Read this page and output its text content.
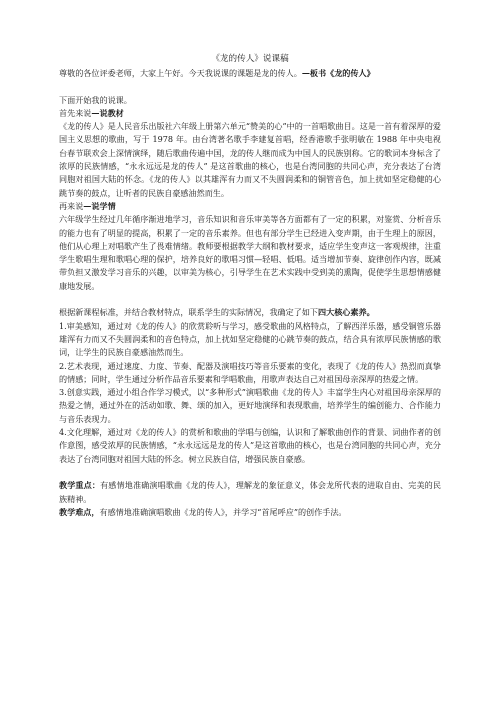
《龙的传人》说课稿

尊敬的各位评委老师，大家上午好。今天我说课的课题是龙的传人。—板书《龙的传人》

下面开始我的说课。

首先来说—说教材

《龙的传人》是人民音乐出版社六年级上册第六单元“赞美的心”中的一首唱歌曲目。这是一首有着深厚的爱国主义思想的歌曲，写于 1978 年。由台湾著名歌手李建复首唱，经香港歌手张明敏在 1988 年中央电视台春节联欢会上深情演绎，随后歌曲传遍中国，龙的传人继而成为中国人的民族别称。它的歌词本身标含了浓厚的民族情感，“永永远远是龙的传人” 是这首歌曲的核心，也是台湾同胞的共同心声，充分表达了台湾同胞对祖国大陆的怀念。《龙的传人》以其雄浑有力而又不失圆润柔和的铜管音色，加上扰如坚定稳健的心跳节奏的鼓点，让听者的民族自豪感油然而生。

再来说—说学情

六年级学生经过几年循序渐进地学习，音乐知识和音乐审美等各方面都有了一定的积累，对鉴赏、分析音乐的能力也有了明显的提高，积累了一定的音乐素养。但也有部分学生已经进入变声期，由于生理上的原因，他们从心理上对唱歌产生了畏难情绪。教师要根据教学大纲和教材要求，适应学生变声这一客观规律，注重学生歌唱生理和歌唱心理的保护，培养良好的歌唱习惯—轻唱、低唱。适当增加节奏、旋律创作内容，既减带负担又激发学习音乐的兴趣，以审美为核心，引导学生在艺术实践中受到美的熏陶，促使学生思想情感健康地发展。

根据新课程标准，并结合教材特点，联系学生的实际情况，我确定了如下四大核心素养。

1.审美感知，通过对《龙的传人》的欣赏聆听与学习，感受歌曲的风格特点，了解西洋乐器，感受铜管乐器雄浑有力而又不失圆润柔和的音色特点，加上扰如坚定稳健的心跳节奏的鼓点，结合具有浓厚民族情感的歌词，让学生的民族自豪感油然而生。

2.艺术表现，通过速度、力度、节奏、配器及演唱技巧等音乐要素的变化，表现了《龙的传人》热烈而真挚的情感；同时，学生通过分析作品音乐要素和学唱歌曲，用歌声表达自己对祖国母亲深厚的热爱之情。

3.创意实践，通过小组合作学习模式，以“多种形式”演唱歌曲《龙的传人》丰富学生内心对祖国母亲深厚的热爱之情，通过外在的活动如歌、舞、颂的加入，更好地演绎和表现歌曲，培养学生的编创能力、合作能力与音乐表现力。

4.文化理解，通过对《龙的传人》的赏析和歌曲的学唱与创编，认识和了解歌曲创作的背景、词曲作者的创作意图，感受浓厚的民族情感，“永永远远是龙的传人”是这首歌曲的核心，也是台湾同胞的共同心声，充分表达了台湾同胞对祖国大陆的怀念。树立民族自信，增强民族自豪感。

教学重点：有感情地准确演唱歌曲《龙的传人》，理解龙的象征意义，体会龙所代表的进取自由、完美的民族精神。

教学难点，有感情地准确演唱歌曲《龙的传人》，并学习“首尾呼应”的创作手法。
